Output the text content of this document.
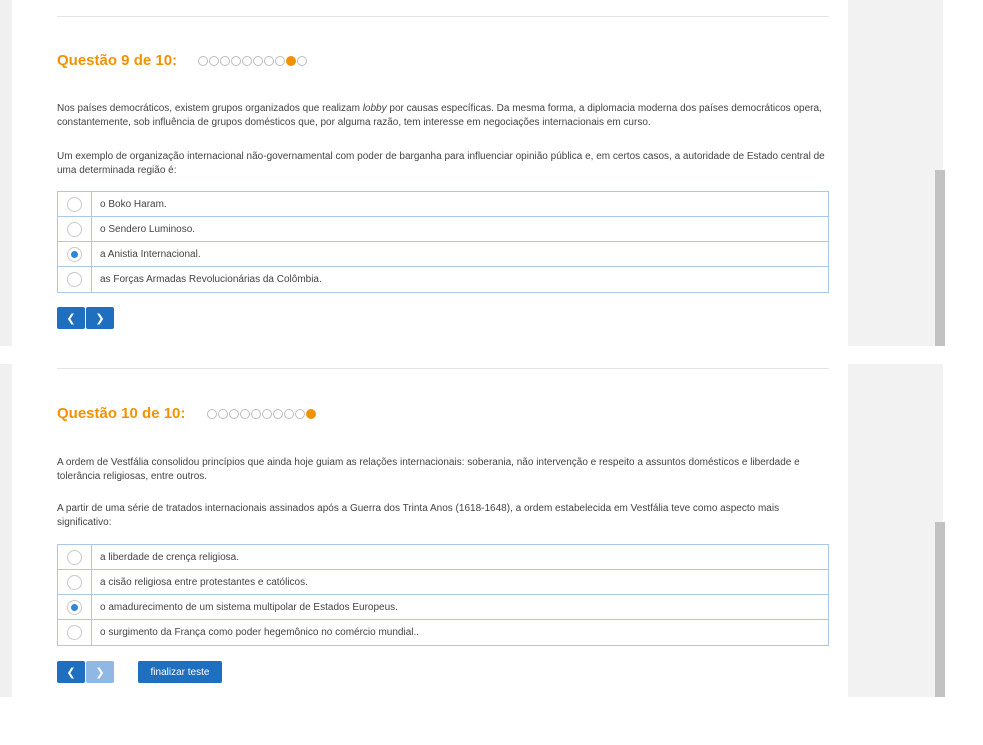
Questão 9 de 10:
Nos países democráticos, existem grupos organizados que realizam lobby por causas específicas. Da mesma forma, a diplomacia moderna dos países democráticos opera, constantemente, sob influência de grupos domésticos que, por alguma razão, tem interesse em negociações internacionais em curso.
Um exemplo de organização internacional não-governamental com poder de barganha para influenciar opinião pública e, em certos casos, a autoridade de Estado central de uma determinada região é:
o Boko Haram.
o Sendero Luminoso.
a Anistia Internacional.
as Forças Armadas Revolucionárias da Colômbia.
❮ ❯
Questão 10 de 10:
A ordem de Vestfália consolidou princípios que ainda hoje guiam as relações internacionais: soberania, não intervenção e respeito a assuntos domésticos e liberdade e tolerância religiosas, entre outros.
A partir de uma série de tratados internacionais assinados após a Guerra dos Trinta Anos (1618-1648), a ordem estabelecida em Vestfália teve como aspecto mais significativo:
a liberdade de crença religiosa.
a cisão religiosa entre protestantes e católicos.
o amadurecimento de um sistema multipolar de Estados Europeus.
o surgimento da França como poder hegemônico no comércio mundial..
❮ ❯	finalizar teste
